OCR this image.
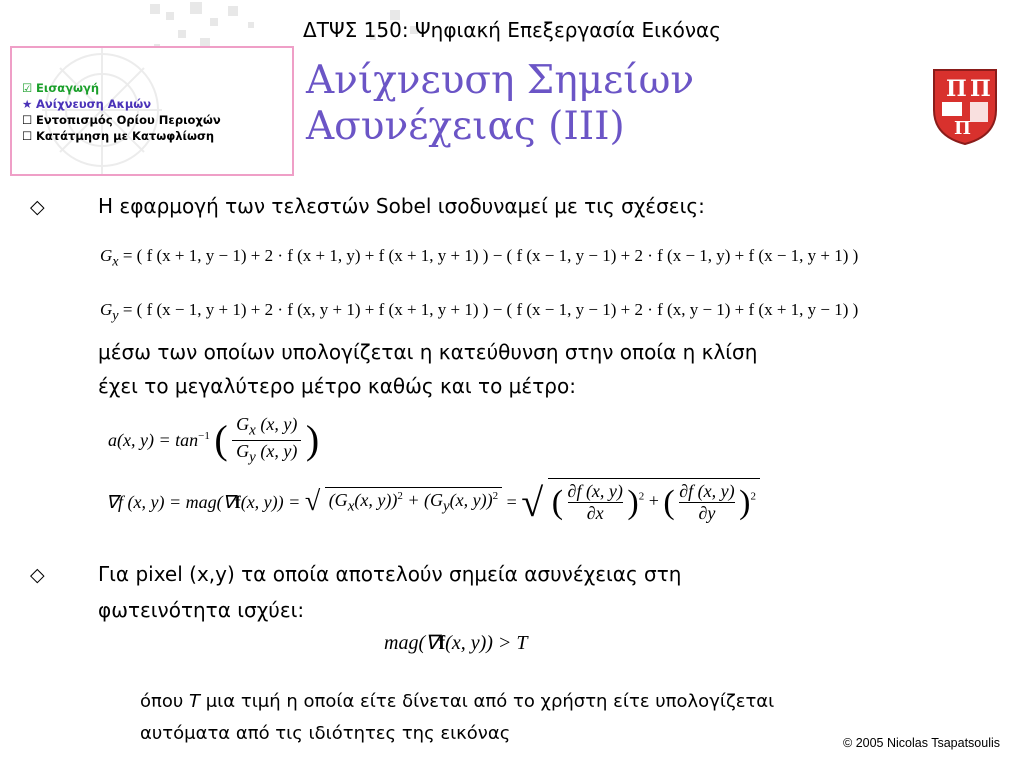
ΔΤΨΣ 150: Ψηφιακή Επεξεργασία Εικόνας
☑ Εισαγωγή
★ Ανίχνευση Ακμών
☐ Εντοπισμός Ορίου Περιοχών
☐ Κατάτμηση με Κατωφλίωση
Ανίχνευση Σημείων
Ασυνέχειας (ΙΙΙ)
Π Π
Π
◇	Η εφαρμογή των τελεστών Sobel ισοδυναμεί με τις σχέσεις:
$G_x$ = ( f (x + 1, y − 1) + 2 · f (x + 1, y) + f (x + 1, y + 1) ) − ( f (x − 1, y − 1) + 2 · f (x − 1, y) + f (x − 1, y + 1) )
$G_y$ = ( f (x − 1, y + 1) + 2 · f (x, y + 1) + f (x + 1, y + 1) ) − ( f (x − 1, y − 1) + 2 · f (x, y − 1) + f (x + 1, y − 1) )
μέσω των οποίων υπολογίζεται η κατεύθυνση στην οποία η κλίση
έχει το μεγαλύτερο μέτρο καθώς και το μέτρο:
a(x, $y) = \tan^{-1}$ ( $\frac{G_x (x, y)}{G_y (x, y)}$ )
∇f (x, y) = mag(∇f(x, y)) = √ ($G_x(x$, $y))^2 + (G_y(x$, y))$^2$ = √ ( $\frac{\partial f (x, y)}{\partial x} )^2$ + ( $\frac{\partial f (x, y)}{\partial y} )^2$
◇	Για pixel (x,y) τα οποία αποτελούν σημεία ασυνέχειας στη
φωτεινότητα ισχύει:
mag(∇f(x, y)) > T
όπου T μια τιμή η οποία είτε δίνεται από το χρήστη είτε υπολογίζεται
αυτόματα από τις ιδιότητες της εικόνας	© 2005 Nicolas Tsapatsoulis
